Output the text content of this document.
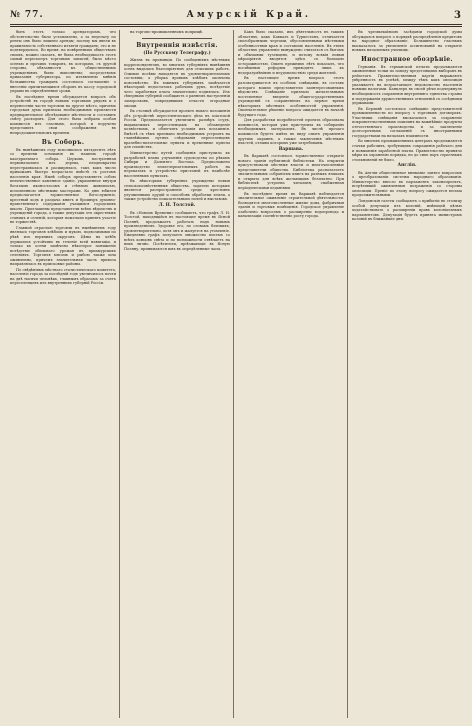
№ 77.	Амурскій Край.	3

быть этотъ только арендаторомъ, что обстоятельство было установлено, а за неуплату по ренты онъ было лишено аренды; посему мы ввели въ правильность собственнаго изъятія гражданъ; это и не подтвердилось. Во время, на повѣренныхъ обществахъ своихъ, можно сказать, не была необходимость этотъ самый пересмотръ торговыхъ записей; было мѣсто осенью и прочихъ товаровъ, въ которыхъ, съ другой стороны, обязанности къ общественнымъ учрежденіямъ были выполнены; посредствомъ приказанія губернатора, по изъявленію мнѣнія большинства гражданъ состоялось соглашеніе о внесеніи причитающихся сборовъ въ кассу городской управы въ опредѣленные сроки.

Въ послѣднее время обсуждается вопросъ объ устройствѣ въ городѣ новыхъ торговыхъ рядовъ и о перенесеніи части торговли на другое мѣсто, причемъ городская дума признала необходимымъ произвести предварительное обслѣдованіе мѣстности и составить смѣту расходовъ. Для этого была избрана особая коммиссія изъ гласныхъ, которой и поручено представить свои соображенія въ непродолжительномъ времени.

Въ Соборъ.

Въ нынѣшнемъ году исполнилось пятьдесятъ лѣтъ со времени основанія въ нашемъ городѣ каѳедральнаго собора. Церковь, построенная первоначально изъ дерева, неоднократно перестраивалась и расширялась, такъ какъ число прихожанъ быстро возрастало вмѣстѣ съ ростомъ населенія края. Нынѣ соборъ представляетъ собою величественное каменное зданіе, украшенное внутри богатымъ иконостасомъ и стѣнною живописью, исполненною мѣстными мастерами. Ко дню юбилея предполагается торжественное богослуженіе, крестный ходъ и раздача книгъ и брошюръ духовно-нравственнаго содержанія учащимся городскихъ школъ. Приглашены представители всѣхъ вѣдомствъ и учрежденій города, а также депутаціи отъ окрестныхъ станицъ и селеній, которыя пожелали принять участіе въ торжествѣ.

Главной отраслью торговли въ нынѣшнемъ году являлась торговля хлѣбомъ и мукою, подвозимыми по рѣкѣ изъ верхнихъ округовъ. Цѣны на хлѣбъ держались устойчиво въ теченіе всей навигаціи, и только къ осени замѣчено нѣкоторое пониженіе вслѣдствіе обильнаго урожая въ приамурскихъ селеніяхъ. Торговля мясомъ и рыбою также шла оживленно, причемъ значительная часть привоза направлялась въ пріисковые районы.

По свѣдѣніямъ мѣстнаго статистическаго комитета, населеніе города за послѣдній годъ увеличилось почти на двѣ тысячи человѣкъ, главнымъ образомъ за счетъ переселенцевъ изъ внутреннихъ губерній Россіи.

на торгово-промышленномъ поприщѣ.

Внутреннія извѣстія.
(По Русскому Телеграфу.)

Жизнь въ провинціи. По сообщеніямъ мѣстныхъ корреспондентовъ, во многихъ губерніяхъ нынѣшняя осень выдалась благопріятною для сельскихъ работъ. Озимые посѣвы находятся въ удовлетворительномъ состояніи, а уборка яровыхъ хлѣбовъ окончена повсемѣстно. Въ южныхъ губерніяхъ замѣчается нѣкоторый недостатокъ рабочихъ рукъ, вслѣдствіе чего заработная плата значительно поднялась. Изъ сѣверныхъ губерній сообщаютъ о раннемъ наступленіи заморозковъ, повредившихъ отчасти огородные овощи.

Въ столицѣ обсуждается проектъ новаго положенія объ устройствѣ переселенческаго дѣла въ азіатской Россіи. Предполагается увеличить размѣръ ссудъ, выдаваемыхъ переселенцамъ на обзаведеніе хозяйствомъ, и облегчить условія ихъ погашенія. Вмѣстѣ съ тѣмъ признано необходимымъ устроить на главнѣйшихъ путяхъ слѣдованія переселенцевъ врачебно-питательные пункты и временные пріюты для семействъ.

Министерство путей сообщенія приступило къ разработкѣ плана улучшенія судоходства по рѣкамъ Сибири и Дальняго Востока. Предположено производство землечерпательныхъ работъ на перекатахъ и устройство пристаней въ наиболѣе населенныхъ пунктахъ.

Въ нѣкоторыхъ губерніяхъ учреждены новыя сельскохозяйственныя общества, задачею которыхъ является распространеніе среди крестьянъ улучшенныхъ орудій и способовъ обработки земли, а также устройство показательныхъ полей и выставокъ.

Л. Н. Толстой.

Въ «Новомъ Времени» сообщаютъ, что графъ Л. Н. Толстой, находящійся въ настоящее время въ Ясной Полянѣ, продолжаетъ работать надъ новымъ произведеніемъ. Здоровье его, по словамъ близкихъ, удовлетворительно, хотя онъ и жалуется на утомленіе. Ежедневно графъ получаетъ множество писемъ со всѣхъ концовъ свѣта и по возможности отвѣчаетъ на нихъ лично. Посѣтители, пріѣзжающіе въ Ясную Поляну, принимаются имъ въ опредѣленные часы.

Какъ было сказано, ихъ дѣятельность въ такихъ областяхъ, какъ Кавказъ и Туркестанъ, отличается своеобразными чертами, обусловленными мѣстными особенностями края и составомъ населенія. Въ этихъ областяхъ управленіе вынуждено считаться съ бытомъ и обычаями туземцевъ, и потому всякія новыя мѣропріятія вводятся здѣсь съ большою осторожностью. Опытъ прежнихъ лѣтъ показалъ, что поспѣшныя реформы приводятъ лишь къ недоразумѣніямъ и неудовольствію среди жителей.

Въ настоящее время вопросъ этотъ разсматривается въ особомъ совѣщаніи, въ составъ котораго вошли представители заинтересованныхъ вѣдомствъ. Совѣщаніе признало желательнымъ постепенное введеніе общегосударственныхъ учрежденій съ сохраненіемъ на первое время нѣкоторыхъ мѣстныхъ особенностей управленія. Окончательное рѣшеніе вопроса ожидается въ началѣ будущаго года.

Для разработки подробностей проекта образована коммиссія, которая уже приступила къ собиранію необходимыхъ матеріаловъ. Въ числѣ прочаго коммиссія будетъ имѣть въ виду опытъ управленія другихъ окраинъ, а также заключенія мѣстныхъ властей, отзывы которыхъ уже затребованы.

Варшава.

Въ Варшавѣ состоялось торжественное открытіе новаго зданія публичной библіотеки. На открытіи присутствовали мѣстныя власти и многочисленные представители общества. Библіотека располагаетъ значительнымъ собраніемъ книгъ на разныхъ языкахъ и открыта для всѣхъ желающихъ безплатно. При библіотекѣ устроена читальня, снабженная періодическими изданіями.

Въ послѣднее время въ Варшавѣ наблюдается значительное оживленіе строительной дѣятельности. Возводятся многочисленные жилые дома, фабричныя зданія и торговыя помѣщенія. Городское управленіе озабочено вопросомъ о расширеніи водопровода и канализаціи соотвѣтственно росту города.

Въ чрезвычайномъ засѣданіи городской думы обсуждался вопросъ о порядкѣ распредѣленія кредитовъ на народное образованіе. Большинство гласныхъ высказалось за увеличеніе ассигнованій на открытіе новыхъ начальныхъ училищъ.

Иностранное обозрѣніе.

Германія. Въ германской печати продолжаются оживленные толки по поводу предстоящихъ выборовъ въ рейхстагъ. Правительственныя партіи выражаютъ увѣренность въ успѣхѣ, между тѣмъ какъ оппозиція указываетъ на возрастающее недовольство населенія новыми налогами. Канцлеръ въ своей рѣчи подчеркнулъ необходимость сохраненія внутренняго единства страны и поддержанія дружественныхъ отношеній съ сосѣдними державами.

Въ Берлинѣ состоялось совѣщаніе представителей промышленности по вопросу о торговыхъ договорахъ. Участники совѣщанія высказались за сохраненіе покровительственныхъ пошлинъ на важнѣйшіе продукты отечественнаго производства и за заключеніе долгосрочныхъ соглашеній съ иностранными государствами на началахъ взаимности.

Во многихъ промышленныхъ центрахъ продолжаются стачки рабочихъ, требующихъ сокращенія рабочаго дня и повышенія заработной платы. Правительство приняло мѣры къ охраненію порядка, но до сихъ поръ серьезныхъ столкновеній не было.

Англія.

Въ Англіи общественное вниманіе занято вопросомъ о преобразованіи системы народнаго образованія. Министерство внесло въ парламентъ законопроектъ, встрѣтившій оживленныя возраженія со стороны оппозиціи. Преніе по этому вопросу ожидается весьма продолжительными.

Лондонскія газеты сообщаютъ о прибытіи въ столицу особой депутаціи изъ колоній, имѣющей цѣлью ходатайствовать о расширеніи правъ колоніальныхъ парламентовъ. Депутація будетъ принята министромъ колоній въ ближайшіе дни.
